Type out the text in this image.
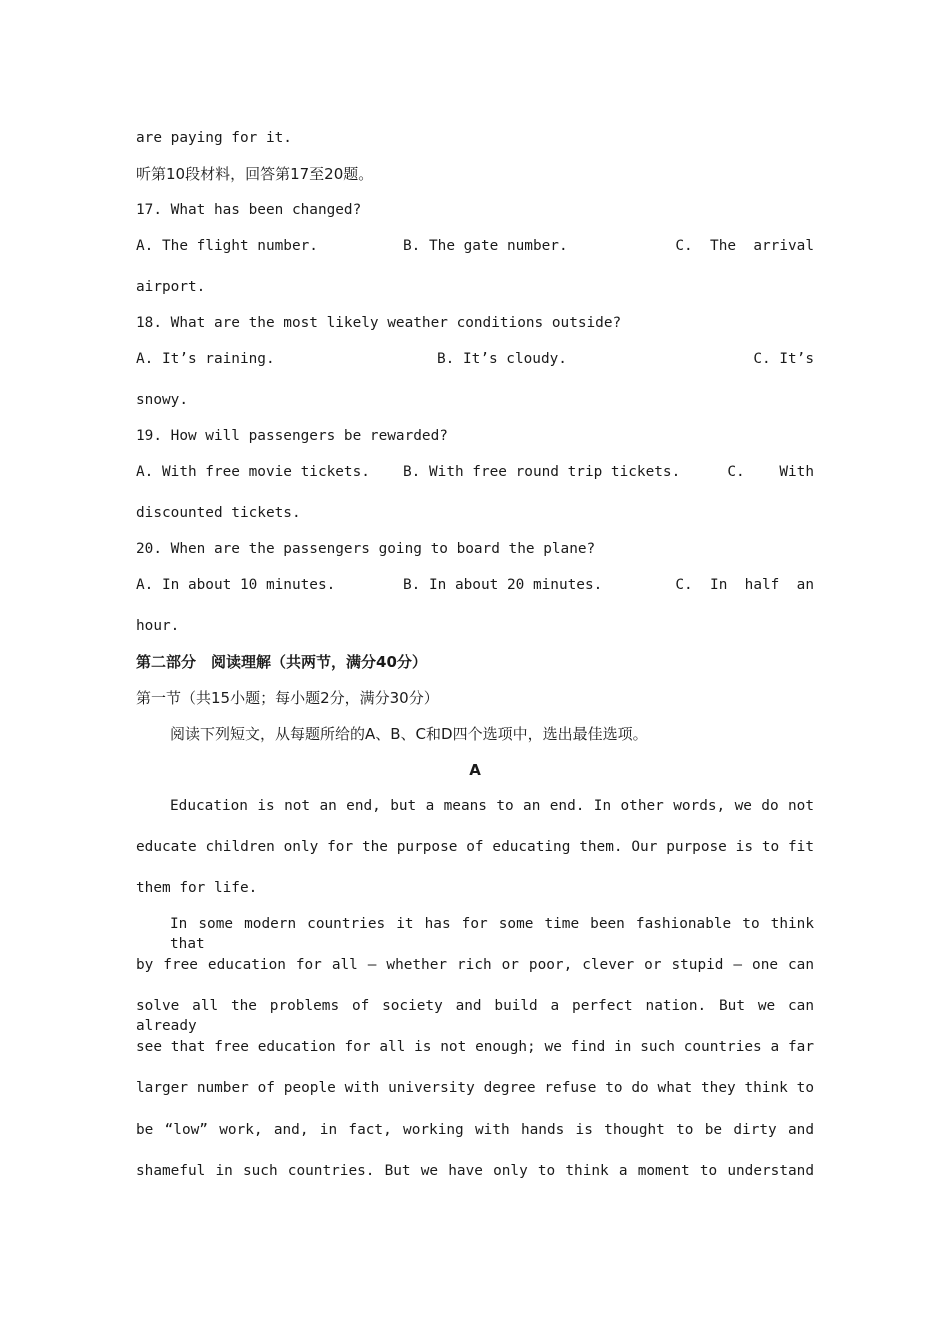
are paying for it.
听第10段材料，回答第17至20题。
17. What has been changed?
A. The flight number.	B. The gate number.	C.  The  arrival
airport.
18. What are the most likely weather conditions outside?
A. It’s raining.	B. It’s cloudy.	C. It’s
snowy.
19. How will passengers be rewarded?
A. With free movie tickets. B. With free round trip tickets.	C.    With
discounted tickets.
20. When are the passengers going to board the plane?
A. In about 10 minutes.	B. In about 20 minutes.	C.  In  half  an
hour.
第二部分　阅读理解（共两节，满分40分）
第一节（共15小题；每小题2分，满分30分）
阅读下列短文，从每题所给的A、B、C和D四个选项中，选出最佳选项。
A
Education is not an end, but a means to an end. In other words, we do not
educate children only for the purpose of educating them. Our purpose is to fit
them for life.
In some modern countries it has for some time been fashionable to think that
by free education for all – whether rich or poor, clever or stupid – one can
solve all the problems of society and build a perfect nation. But we can already
see that free education for all is not enough; we find in such countries a far
larger number of people with university degree refuse to do what they think to
be “low” work, and, in fact, working with hands is thought to be dirty and
shameful in such countries. But we have only to think a moment to understand
